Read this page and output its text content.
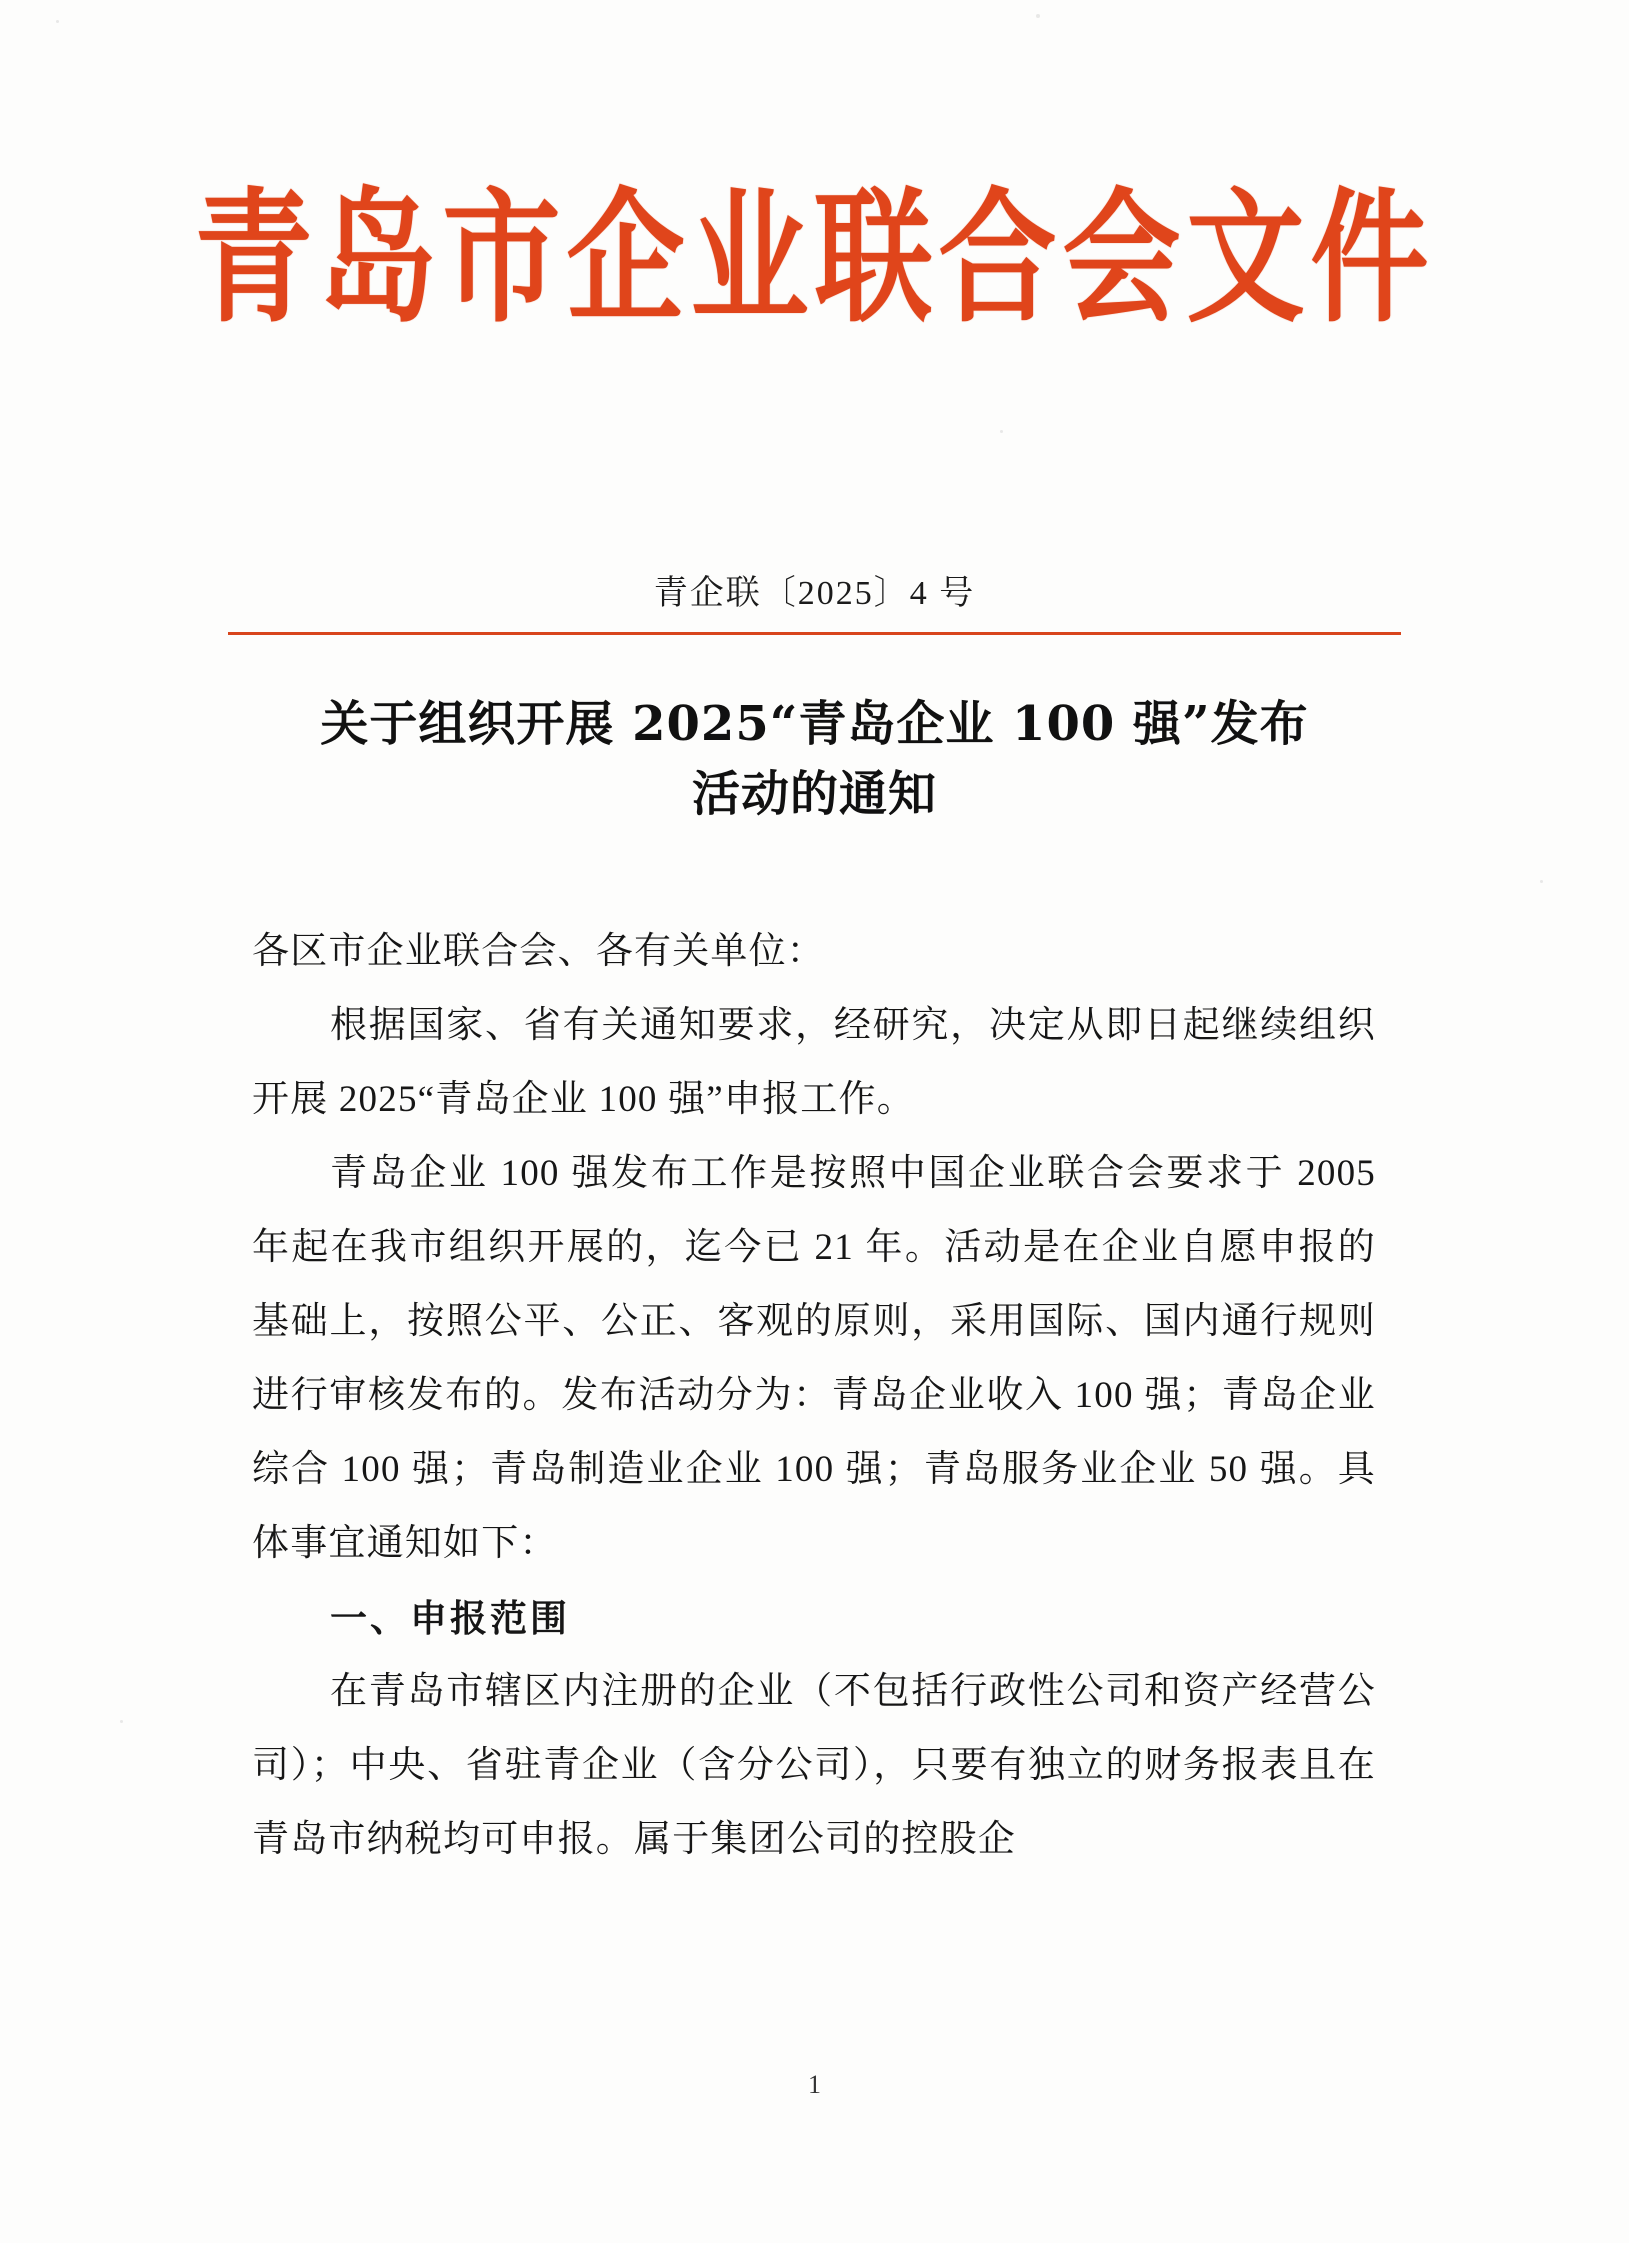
青岛市企业联合会文件
青企联〔2025〕4 号
关于组织开展 2025“青岛企业 100 强”发布
活动的通知

各区市企业联合会、各有关单位：

根据国家、省有关通知要求，经研究，决定从即日起继续组织开展 2025“青岛企业 100 强”申报工作。

青岛企业 100 强发布工作是按照中国企业联合会要求于 2005 年起在我市组织开展的，迄今已 21 年。活动是在企业自愿申报的基础上，按照公平、公正、客观的原则，采用国际、国内通行规则进行审核发布的。发布活动分为：青岛企业收入 100 强；青岛企业综合 100 强；青岛制造业企业 100 强；青岛服务业企业 50 强。具体事宜通知如下：

一、申报范围

在青岛市辖区内注册的企业（不包括行政性公司和资产经营公司）；中央、省驻青企业（含分公司），只要有独立的财务报表且在青岛市纳税均可申报。属于集团公司的控股企

1
